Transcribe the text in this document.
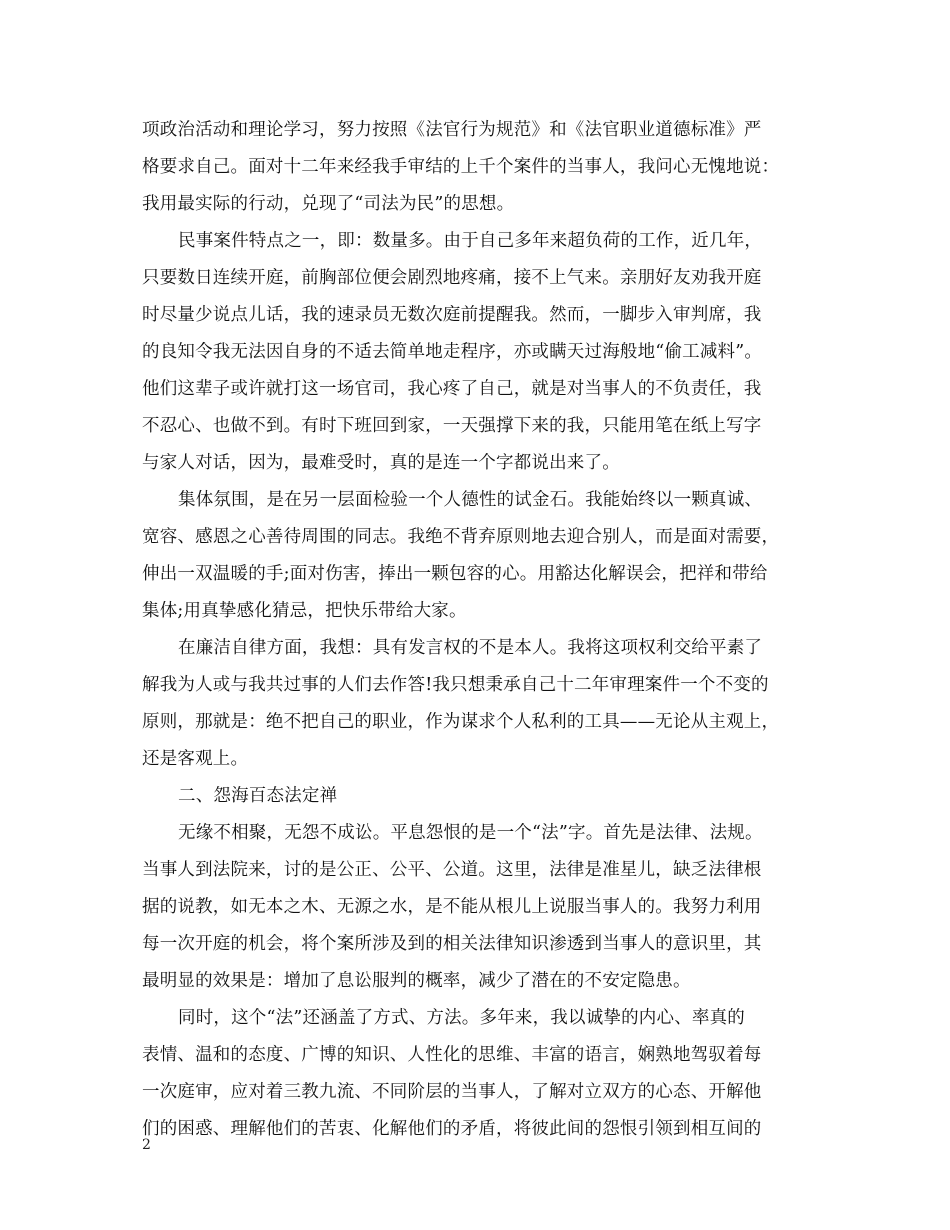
项政治活动和理论学习，努力按照《法官行为规范》和《法官职业道德标准》严
格要求自己。面对十二年来经我手审结的上千个案件的当事人，我问心无愧地说：
我用最实际的行动，兑现了“司法为民”的思想。
民事案件特点之一，即：数量多。由于自己多年来超负荷的工作，近几年，
只要数日连续开庭，前胸部位便会剧烈地疼痛，接不上气来。亲朋好友劝我开庭
时尽量少说点儿话，我的速录员无数次庭前提醒我。然而，一脚步入审判席，我
的良知令我无法因自身的不适去简单地走程序，亦或瞒天过海般地“偷工减料”。
他们这辈子或许就打这一场官司，我心疼了自己，就是对当事人的不负责任，我
不忍心、也做不到。有时下班回到家，一天强撑下来的我，只能用笔在纸上写字
与家人对话，因为，最难受时，真的是连一个字都说出来了。
集体氛围，是在另一层面检验一个人德性的试金石。我能始终以一颗真诚、
宽容、感恩之心善待周围的同志。我绝不背弃原则地去迎合别人，而是面对需要，
伸出一双温暖的手;面对伤害，捧出一颗包容的心。用豁达化解误会，把祥和带给
集体;用真挚感化猜忌，把快乐带给大家。
在廉洁自律方面，我想：具有发言权的不是本人。我将这项权利交给平素了
解我为人或与我共过事的人们去作答!我只想秉承自己十二年审理案件一个不变的
原则，那就是：绝不把自己的职业，作为谋求个人私利的工具——无论从主观上，
还是客观上。
二、怨海百态法定禅
无缘不相聚，无怨不成讼。平息怨恨的是一个“法”字。首先是法律、法规。
当事人到法院来，讨的是公正、公平、公道。这里，法律是准星儿，缺乏法律根
据的说教，如无本之木、无源之水，是不能从根儿上说服当事人的。我努力利用
每一次开庭的机会，将个案所涉及到的相关法律知识渗透到当事人的意识里，其
最明显的效果是：增加了息讼服判的概率，减少了潜在的不安定隐患。
同时，这个“法”还涵盖了方式、方法。多年来，我以诚挚的内心、率真的
表情、温和的态度、广博的知识、人性化的思维、丰富的语言，娴熟地驾驭着每
一次庭审，应对着三教九流、不同阶层的当事人，了解对立双方的心态、开解他
们的困惑、理解他们的苦衷、化解他们的矛盾，将彼此间的怨恨引领到相互间的
2
